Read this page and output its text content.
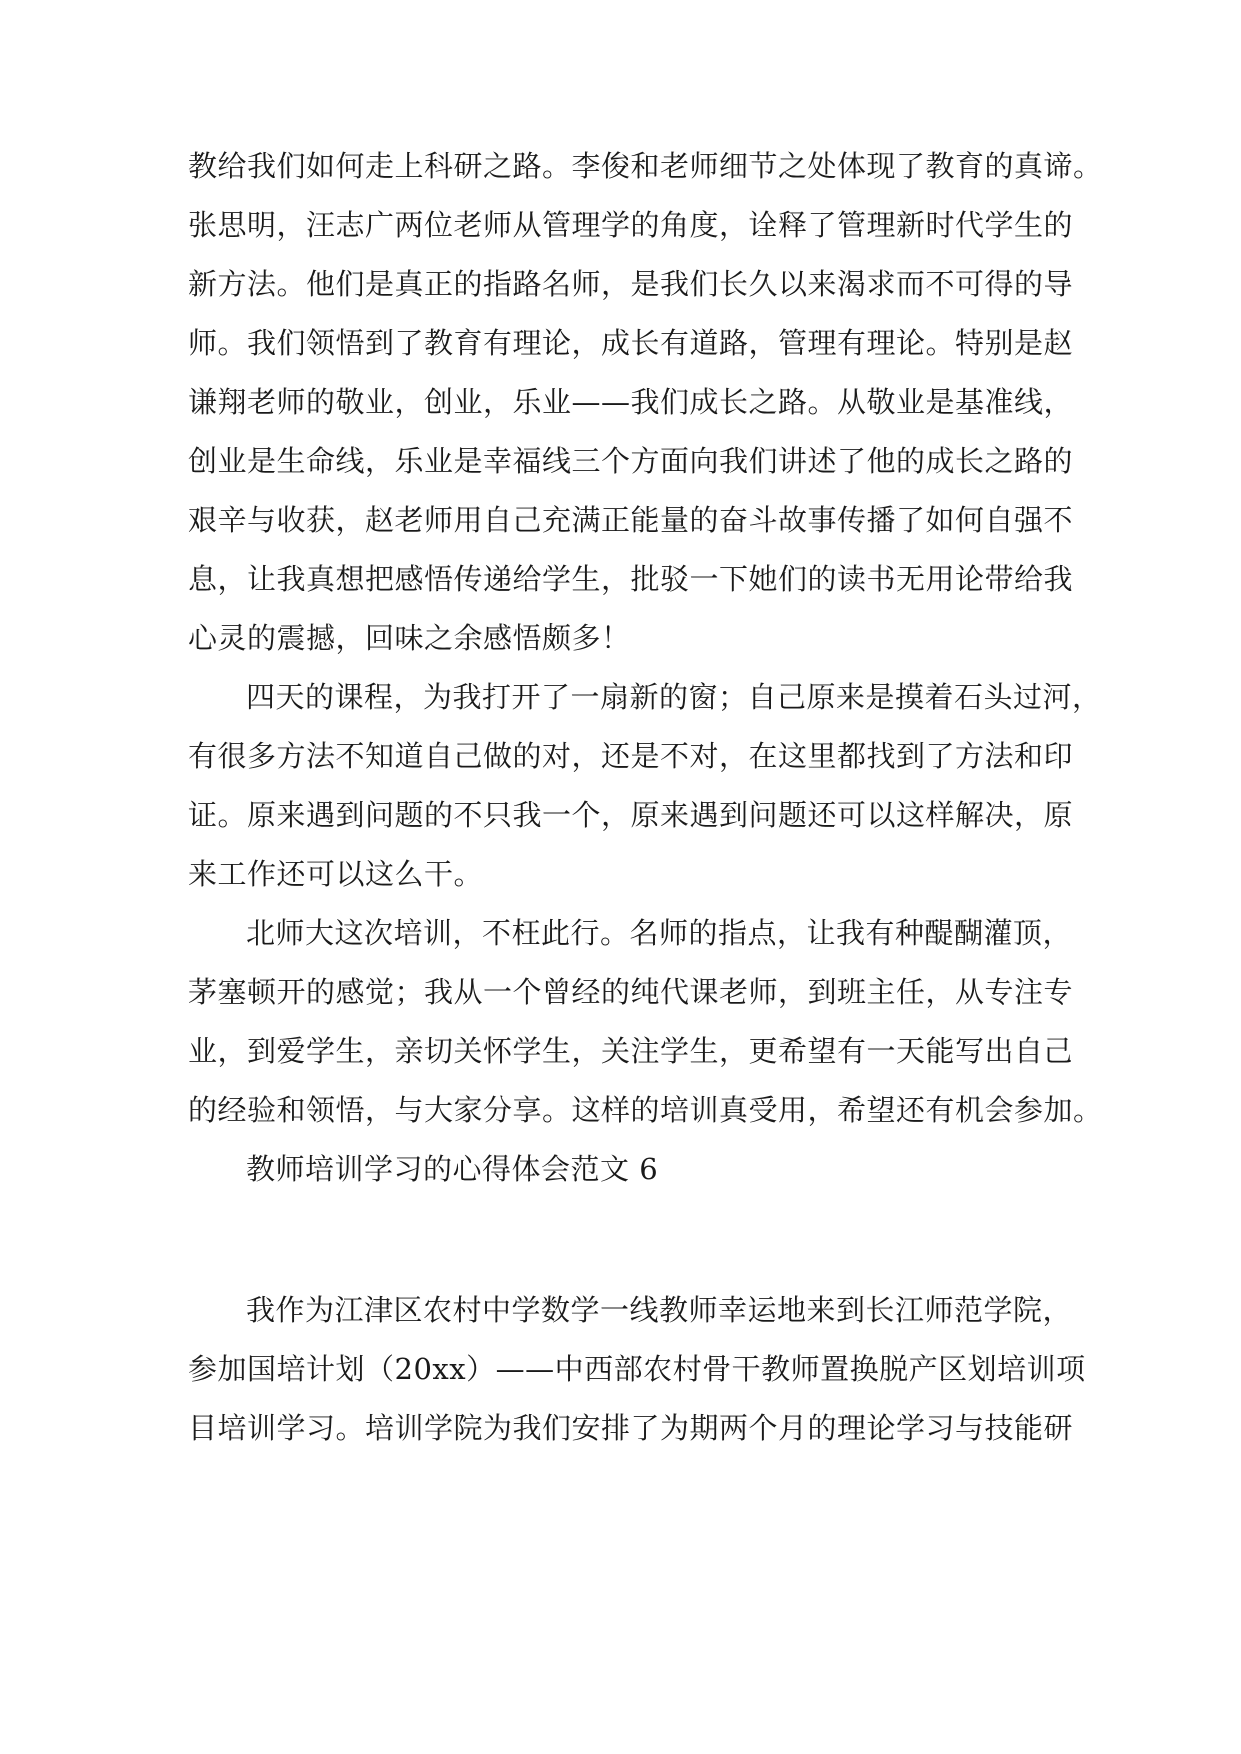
教给我们如何走上科研之路。李俊和老师细节之处体现了教育的真谛。
张思明，汪志广两位老师从管理学的角度，诠释了管理新时代学生的
新方法。他们是真正的指路名师，是我们长久以来渴求而不可得的导
师。我们领悟到了教育有理论，成长有道路，管理有理论。特别是赵
谦翔老师的敬业，创业，乐业——我们成长之路。从敬业是基准线，
创业是生命线，乐业是幸福线三个方面向我们讲述了他的成长之路的
艰辛与收获，赵老师用自己充满正能量的奋斗故事传播了如何自强不
息，让我真想把感悟传递给学生，批驳一下她们的读书无用论带给我
心灵的震撼，回味之余感悟颇多！
四天的课程，为我打开了一扇新的窗；自己原来是摸着石头过河，
有很多方法不知道自己做的对，还是不对，在这里都找到了方法和印
证。原来遇到问题的不只我一个，原来遇到问题还可以这样解决，原
来工作还可以这么干。
北师大这次培训，不枉此行。名师的指点，让我有种醍醐灌顶，
茅塞顿开的感觉；我从一个曾经的纯代课老师，到班主任，从专注专
业，到爱学生，亲切关怀学生，关注学生，更希望有一天能写出自己
的经验和领悟，与大家分享。这样的培训真受用，希望还有机会参加。
教师培训学习的心得体会范文 6
我作为江津区农村中学数学一线教师幸运地来到长江师范学院，
参加国培计划（20xx）——中西部农村骨干教师置换脱产区划培训项
目培训学习。培训学院为我们安排了为期两个月的理论学习与技能研
